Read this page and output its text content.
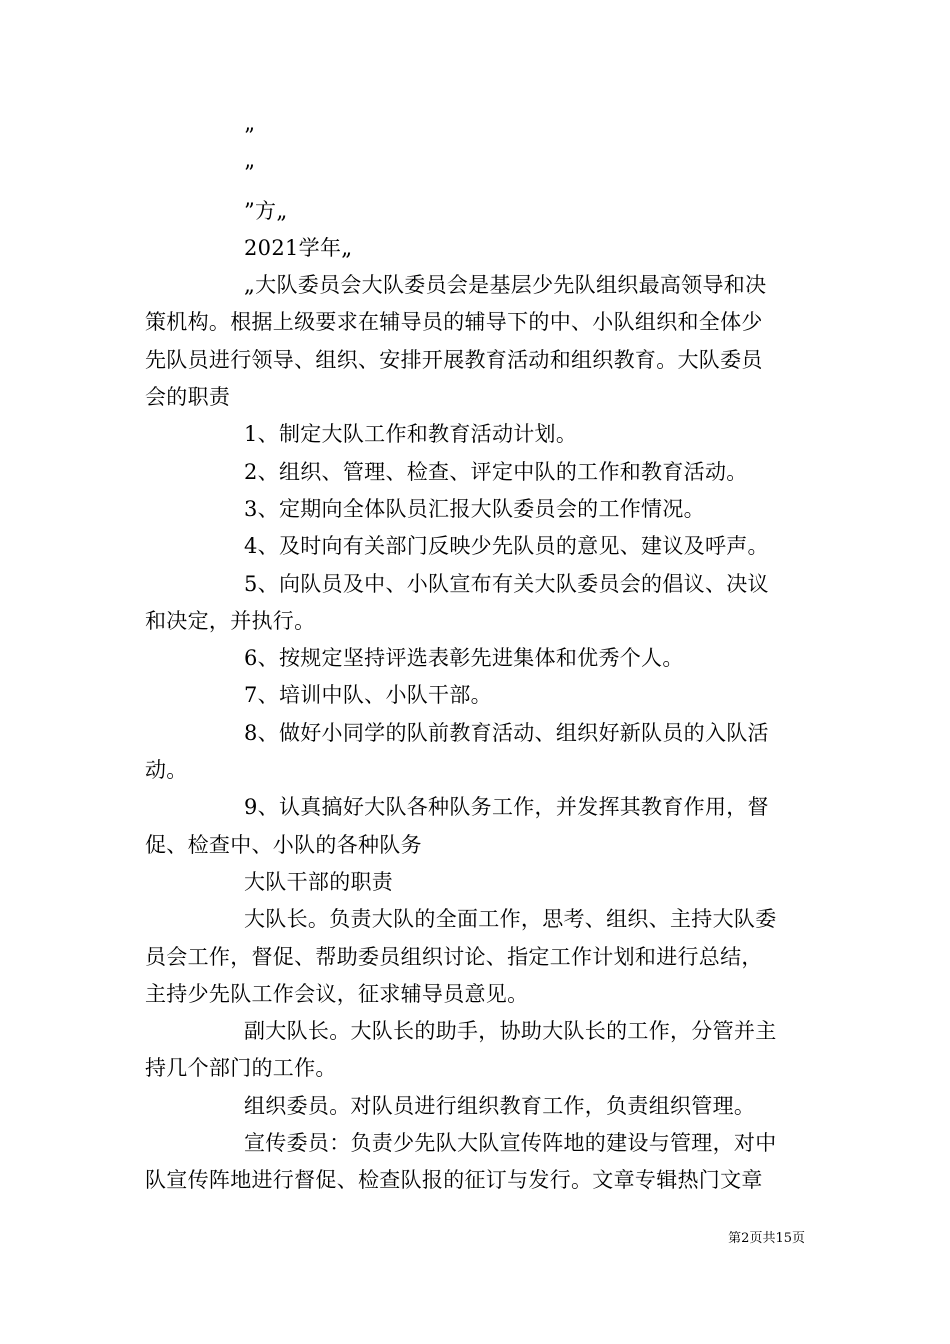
”
”
”方„
2021学年„
„大队委员会大队委员会是基层少先队组织最高领导和决
策机构。根据上级要求在辅导员的辅导下的中、小队组织和全体少
先队员进行领导、组织、安排开展教育活动和组织教育。大队委员
会的职责
1、制定大队工作和教育活动计划。
2、组织、管理、检查、评定中队的工作和教育活动。
3、定期向全体队员汇报大队委员会的工作情况。
4、及时向有关部门反映少先队员的意见、建议及呼声。
5、向队员及中、小队宣布有关大队委员会的倡议、决议
和决定，并执行。
6、按规定坚持评选表彰先进集体和优秀个人。
7、培训中队、小队干部。
8、做好小同学的队前教育活动、组织好新队员的入队活
动。
9、认真搞好大队各种队务工作，并发挥其教育作用，督
促、检查中、小队的各种队务
大队干部的职责
大队长。负责大队的全面工作，思考、组织、主持大队委
员会工作，督促、帮助委员组织讨论、指定工作计划和进行总结，
主持少先队工作会议，征求辅导员意见。
副大队长。大队长的助手，协助大队长的工作，分管并主
持几个部门的工作。
组织委员。对队员进行组织教育工作，负责组织管理。
宣传委员：负责少先队大队宣传阵地的建设与管理，对中
队宣传阵地进行督促、检查队报的征订与发行。文章专辑热门文章
第2页共15页
